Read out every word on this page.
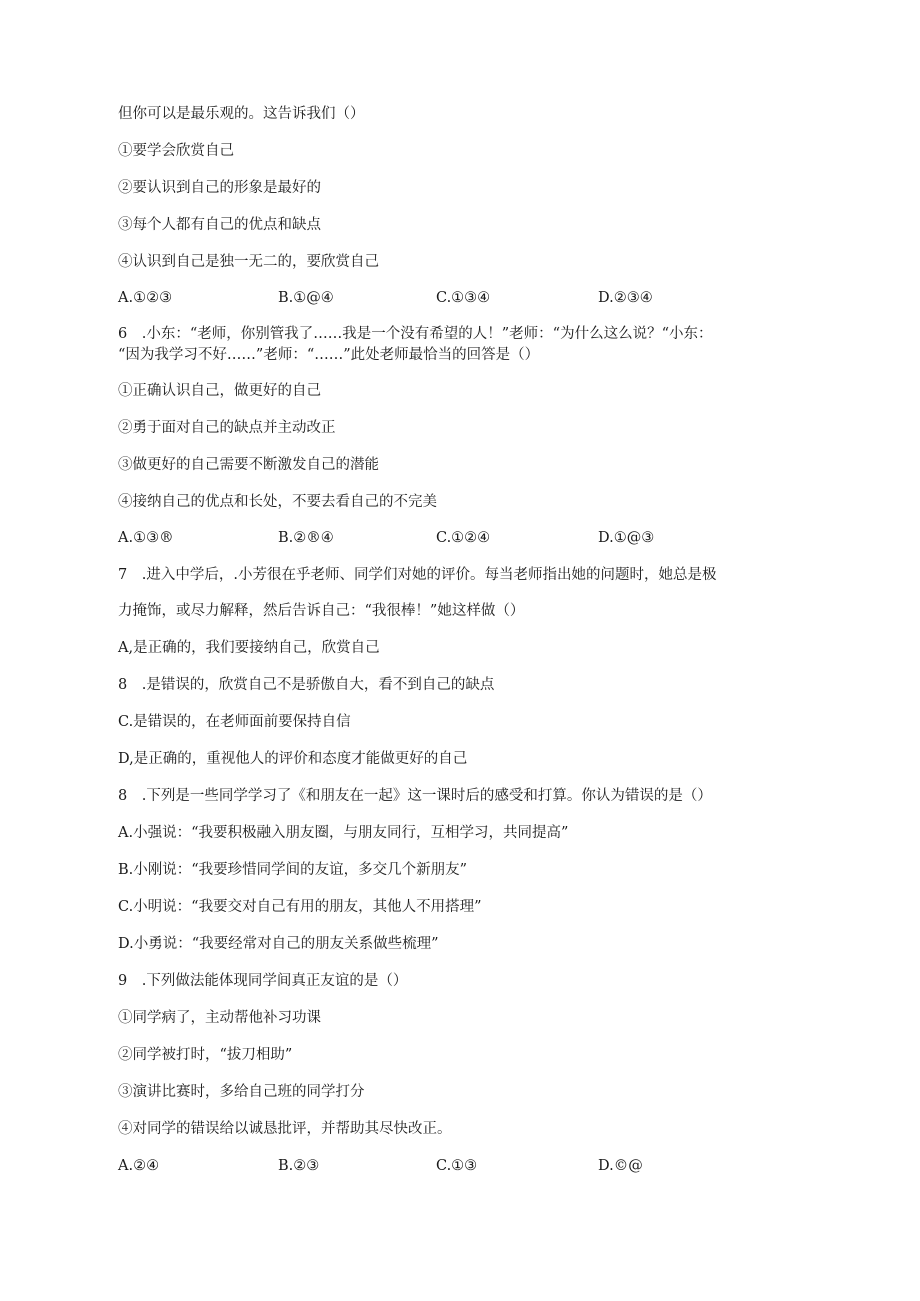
但你可以是最乐观的。这告诉我们（）
①要学会欣赏自己
②要认识到自己的形象是最好的
③每个人都有自己的优点和缺点
④认识到自己是独一无二的，要欣赏自己
A.①②③	B.①@④	C.①③④	D.②③④
6　.小东：“老师，你别管我了……我是一个没有希望的人！”老师：“为什么这么说？“小东：
“因为我学习不好……”老师：“……”此处老师最恰当的回答是（）
①正确认识自己，做更好的自己
②勇于面对自己的缺点并主动改正
③做更好的自己需要不断激发自己的潜能
④接纳自己的优点和长处，不要去看自己的不完美
A.①③®	B.②®④	C.①②④	D.①@③
7　.进入中学后，.小芳很在乎老师、同学们对她的评价。每当老师指出她的问题时，她总是极
力掩饰，或尽力解释，然后告诉自己：“我很棒！”她这样做（）
A,是正确的，我们要接纳自己，欣赏自己
8　.是错误的，欣赏自己不是骄傲自大，看不到自己的缺点
C.是错误的，在老师面前要保持自信
D,是正确的，重视他人的评价和态度才能做更好的自己
8　.下列是一些同学学习了《和朋友在一起》这一课时后的感受和打算。你认为错误的是（）
A.小强说：“我要积极融入朋友圈，与朋友同行，互相学习，共同提高”
B.小刚说：“我要珍惜同学间的友谊，多交几个新朋友”
C.小明说：“我要交对自己有用的朋友，其他人不用搭理”
D.小勇说：“我要经常对自己的朋友关系做些梳理”
9　.下列做法能体现同学间真正友谊的是（）
①同学病了，主动帮他补习功课
②同学被打时，“拔刀相助”
③演讲比赛时，多给自己班的同学打分
④对同学的错误给以诚恳批评，并帮助其尽快改正。
A.②④	B.②③	C.①③	D.©@
